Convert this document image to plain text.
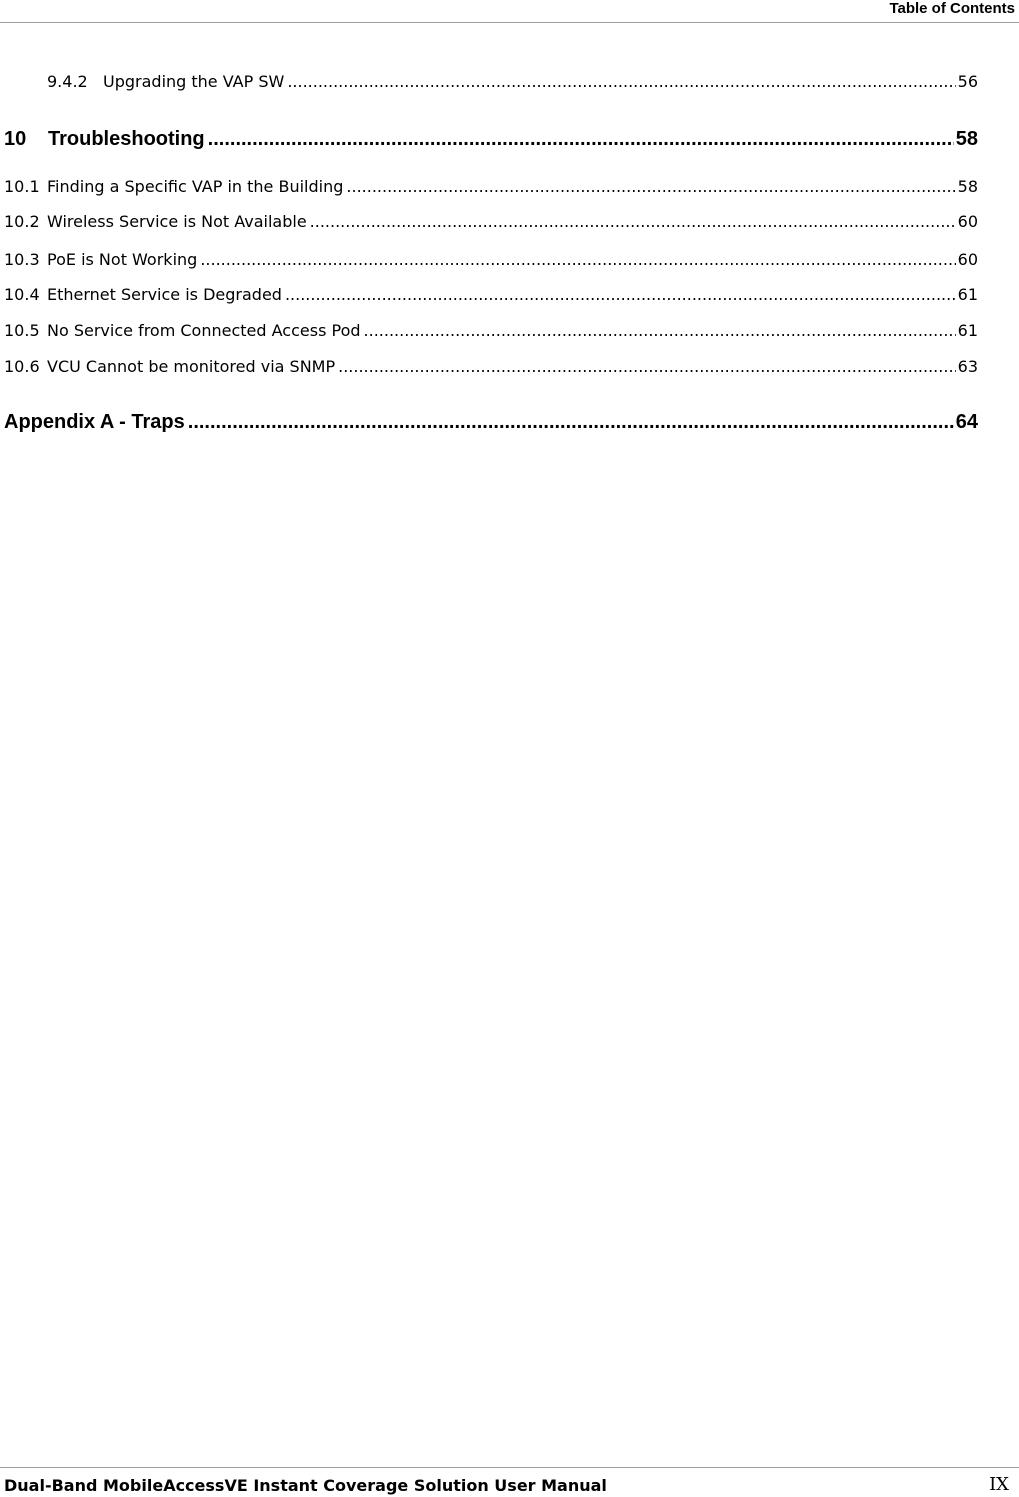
Table of Contents
9.4.2 Upgrading the VAP SW .....	56
10	Troubleshooting .....	58
10.1 Finding a Specific VAP in the Building .....	58
10.2 Wireless Service is Not Available .....	60
10.3 PoE is Not Working .....	60
10.4 Ethernet Service is Degraded .....	61
10.5 No Service from Connected Access Pod .....	61
10.6 VCU Cannot be monitored via SNMP .....	63
Appendix A - Traps .....	64
Dual-Band MobileAccessVE Instant Coverage Solution User Manual	IX
